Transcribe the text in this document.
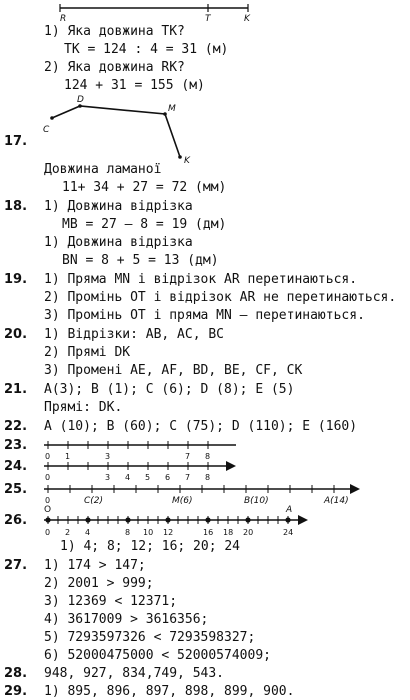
R	T	K
C
D
M
K
0 1	3	7 8
0	3 4 5 6 7 8
0	C(2)	M(6)	B(10)	A(14)
O	A
0 2 4	8 10 12	16 18 20	24
1) Яка довжина TK?
TK = 124 : 4 = 31 (м)
2) Яка довжина RK?
124 + 31 = 155 (м)
17.
Довжина ламаної
11+ 34 + 27 = 72 (мм)
18. 1) Довжина відрізка
MB = 27 – 8 = 19 (дм)
1) Довжина відрізка
BN = 8 + 5 = 13 (дм)
19. 1) Пряма MN і відрізок AR перетинаються.
2) Промінь OT і відрізок AR не перетинаються.
3) Промінь OT і пряма MN – перетинаються.
20. 1) Відрізки: AB, AC, BC
2) Прямі DK
3) Промені AE, AF, BD, BE, CF, CK
21. A(3); B (1); C (6); D (8); E (5)
Прямі: DK.
22. A (10); B (60); C (75); D (110); E (160)
23.
24.
25.
26.
1) 4; 8; 12; 16; 20; 24
27. 1) 174 > 147;
2) 2001 > 999;
3) 12369 < 12371;
4) 3617009 > 3616356;
5) 7293597326 < 7293598327;
6) 52000475000 < 52000574009;
28. 948, 927, 834,749, 543.
29. 1) 895, 896, 897, 898, 899, 900.
